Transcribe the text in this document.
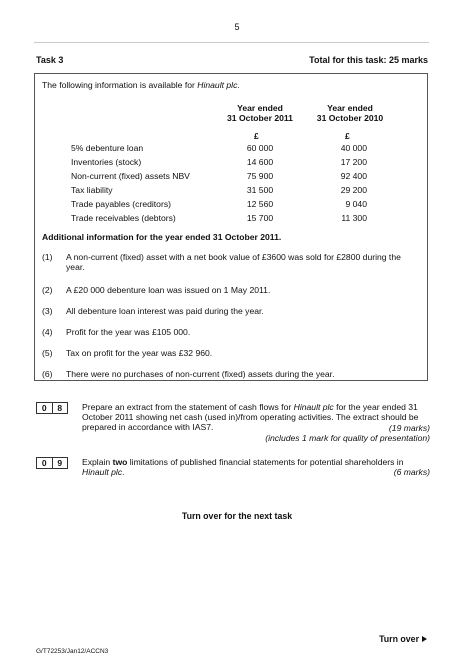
5
Task 3	Total for this task: 25 marks
The following information is available for Hinault plc.
Year ended
31 October 2011
Year ended
31 October 2010
£	£
5% debenture loan	60 000	40 000
Inventories (stock)	14 600	17 200
Non-current (fixed) assets NBV	75 900	92 400
Tax liability	31 500	29 200
Trade payables (creditors)	12 560	9 040
Trade receivables (debtors)	15 700	11 300
Additional information for the year ended 31 October 2011.
(1) A non-current (fixed) asset with a net book value of £3600 was sold for £2800 during the year.
(2) A £20 000 debenture loan was issued on 1 May 2011.
(3) All debenture loan interest was paid during the year.
(4) Profit for the year was £105 000.
(5) Tax on profit for the year was £32 960.
(6) There were no purchases of non-current (fixed) assets during the year.
0	8	Prepare an extract from the statement of cash flows for Hinault plc for the year ended 31 October 2011 showing net cash (used in)/from operating activities. The extract should be prepared in accordance with IAS7.	(19 marks)
(includes 1 mark for quality of presentation)
0	9	Explain two limitations of published financial statements for potential shareholders in Hinault plc.	(6 marks)
Turn over for the next task
G/T72253/Jan12/ACCN3
Turn over
